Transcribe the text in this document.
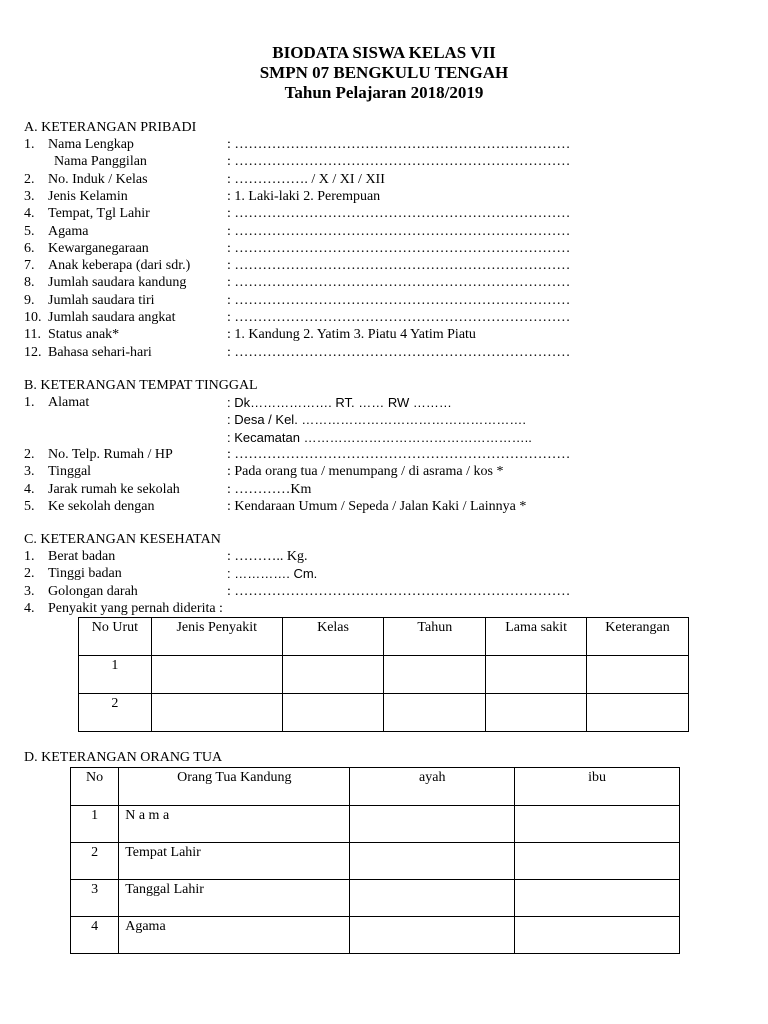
BIODATA SISWA KELAS VII
SMPN 07 BENGKULU TENGAH
Tahun Pelajaran 2018/2019
A. KETERANGAN PRIBADI
1. Nama Lengkap	: ………………………………………………………………
Nama Panggilan	: ………………………………………………………………
2. No. Induk / Kelas	: ……………. / X / XI / XII
3. Jenis Kelamin	: 1. Laki-laki 2. Perempuan
4. Tempat, Tgl Lahir	: ………………………………………………………………
5. Agama	: ………………………………………………………………
6. Kewarganegaraan	: ………………………………………………………………
7. Anak keberapa (dari sdr.)	: ………………………………………………………………
8. Jumlah saudara kandung	: ………………………………………………………………
9. Jumlah saudara tiri	: ………………………………………………………………
10. Jumlah saudara angkat	: ………………………………………………………………
11. Status anak*	: 1. Kandung 2. Yatim 3. Piatu 4 Yatim Piatu
12. Bahasa sehari-hari	: ………………………………………………………………
B. KETERANGAN TEMPAT TINGGAL
1. Alamat	: Dk………………. RT. …… RW ………
: Desa / Kel. …………………………………………….
: Kecamatan ……………………………………………..
2. No. Telp. Rumah / HP	: ………………………………………………………………
3. Tinggal	: Pada orang tua / menumpang / di asrama / kos *
4. Jarak rumah ke sekolah	: …………Km
5. Ke sekolah dengan	: Kendaraan Umum / Sepeda / Jalan Kaki / Lainnya *
C. KETERANGAN KESEHATAN
1. Berat badan	: ……….. Kg.
2. Tinggi badan	: …………. Cm.
3. Golongan darah	: ………………………………………………………………
4. Penyakit yang pernah diderita :
No Urut	Jenis Penyakit	Kelas	Tahun	Lama sakit	Keterangan

1					

2					

D. KETERANGAN ORANG TUA
No	Orang Tua Kandung	ayah	ibu

1	N a m a		

2	Tempat Lahir		

3	Tanggal Lahir		

4	Agama		
